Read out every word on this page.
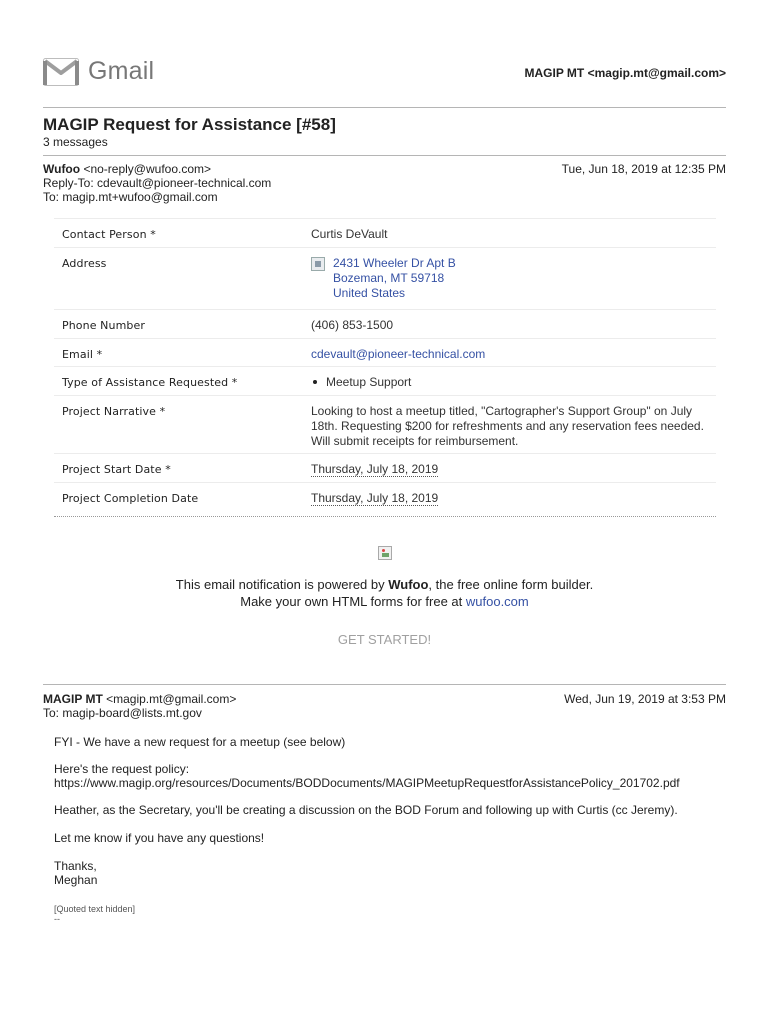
Gmail	MAGIP MT <magip.mt@gmail.com>
MAGIP Request for Assistance [#58]
3 messages
Wufoo <no-reply@wufoo.com>
Reply-To: cdevault@pioneer-technical.com
To: magip.mt+wufoo@gmail.com
Tue, Jun 18, 2019 at 12:35 PM
Contact Person *	Curtis DeVault
Address	2431 Wheeler Dr Apt B
Bozeman, MT 59718
United States
Phone Number	(406) 853-1500
Email *	cdevault@pioneer-technical.com
Type of Assistance Requested *	Meetup Support
Project Narrative *	Looking to host a meetup titled, "Cartographer's Support Group" on July
18th. Requesting $200 for refreshments and any reservation fees needed.
Will submit receipts for reimbursement.
Project Start Date *	Thursday, July 18, 2019
Project Completion Date	Thursday, July 18, 2019
This email notification is powered by Wufoo, the free online form builder.
Make your own HTML forms for free at wufoo.com
GET STARTED!
MAGIP MT <magip.mt@gmail.com>
To: magip-board@lists.mt.gov
Wed, Jun 19, 2019 at 3:53 PM
FYI - We have a new request for a meetup (see below)
Here's the request policy:
https://www.magip.org/resources/Documents/BODDocuments/MAGIPMeetupRequestforAssistancePolicy_201702.pdf
Heather, as the Secretary, you'll be creating a discussion on the BOD Forum and following up with Curtis (cc Jeremy).
Let me know if you have any questions!
Thanks,
Meghan
[Quoted text hidden]
--
